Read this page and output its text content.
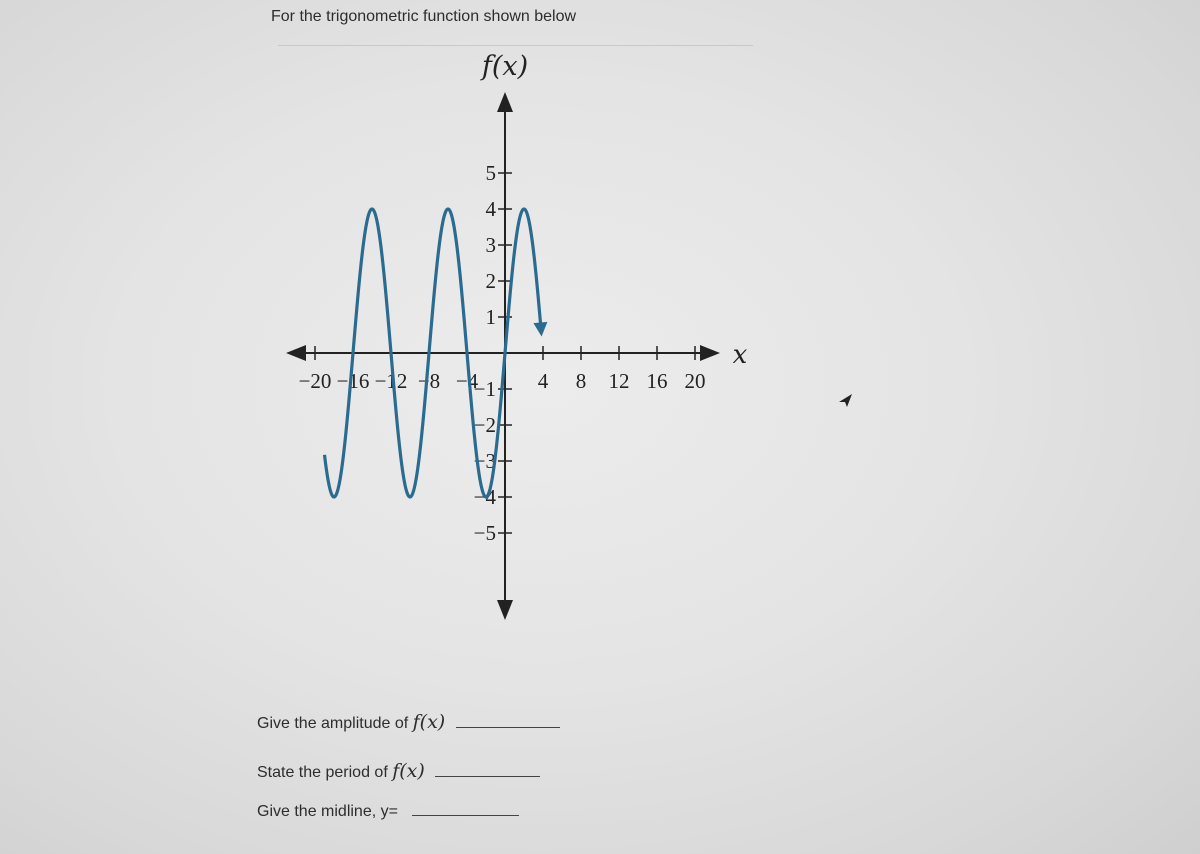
For the trigonometric function shown below
−20 −16 −12 −8 −4	4 8 12 16 20
1
−1
2
−2
3
−3
4
−4
5
−5
f(x)
x
Give the amplitude of f(x)
State the period of f(x)
Give the midline, y=
